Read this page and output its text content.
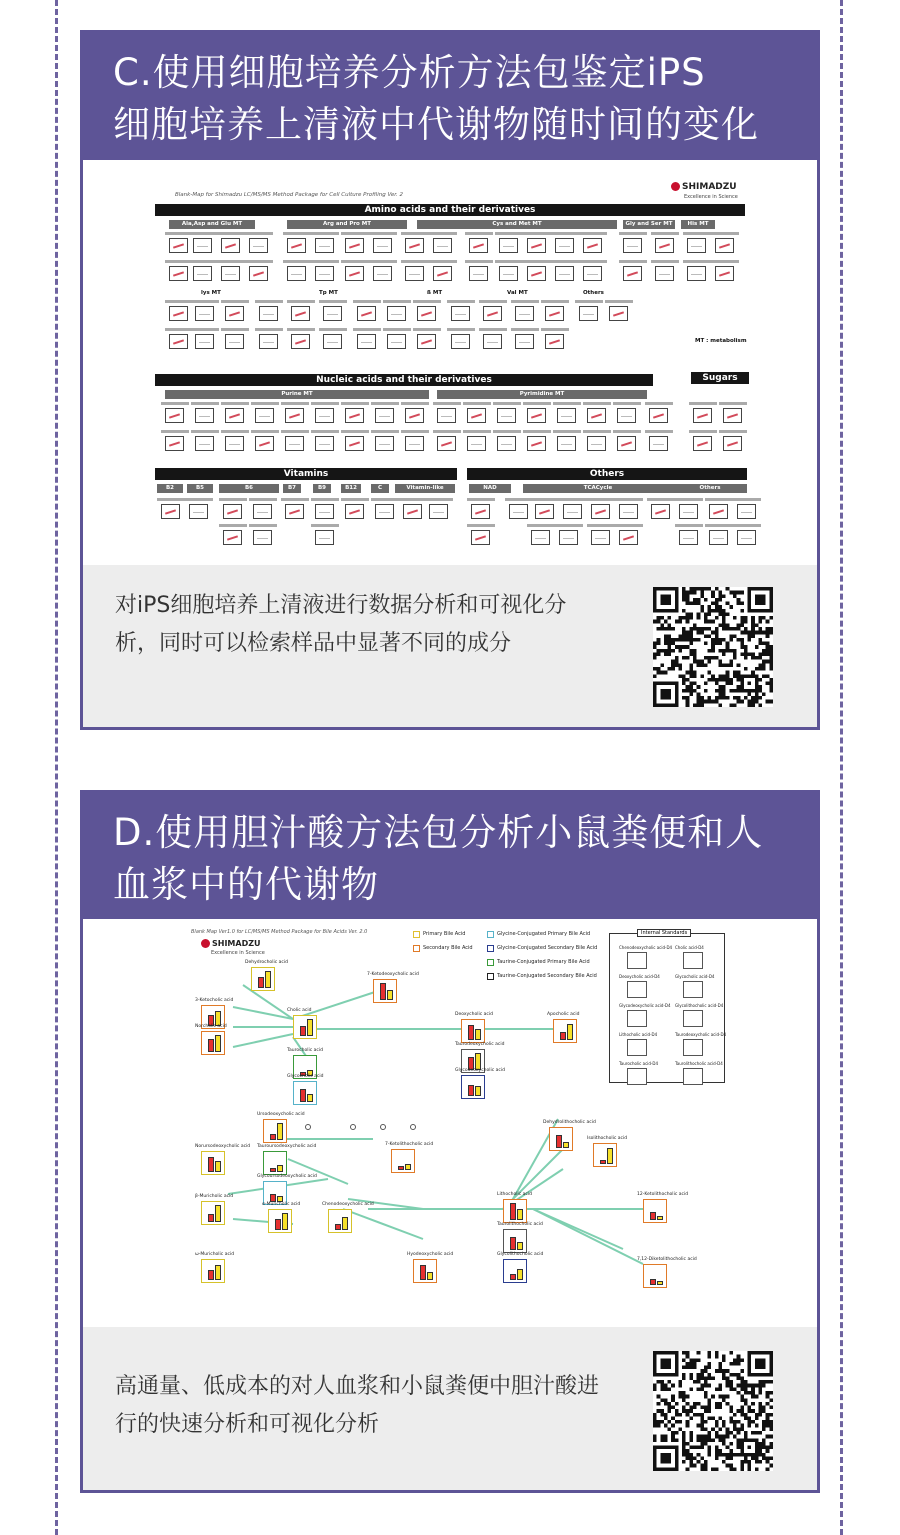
C.使用细胞培养分析方法包鉴定iPS
细胞培养上清液中代谢物随时间的变化
Blank-Map for Shimadzu LC/MS/MS Method Package for Cell Culture Profiling Ver. 2
SHIMADZU
Excellence in Science
Amino acids and their derivatives
Ala,Asp and Glu MT	Arg and Pro MT	Cys and Met MT	Gly and Ser MT	His MT
lys MT	Tp MT	ß MT	Val MT	Others
MT : metabolism
Nucleic acids and their derivatives	Sugars
Purine MT	Pyrimidine MT
Vitamins	Others
B2	B5	B6	B7	B9	B12	C	Vitamin-like	NAD	TCACycle	Others
对iPS细胞培养上清液进行数据分析和可视化分析，同时可以检索样品中显著不同的成分
D.使用胆汁酸方法包分析小鼠粪便和人
血浆中的代谢物
Blank Map Ver1.0 for LC/MS/MS Method Package for Bile Acids Ver. 2.0
SHIMADZU
Excellence in Science
Primary Bile Acid
Secondary Bile Acid
Glycine-Conjugated Primary Bile Acid
Glycine-Conjugated Secondary Bile Acid
Taurine-Conjugated Primary Bile Acid
Taurine-Conjugated Secondary Bile Acid
Internal Standards
Chenodeoxycholic acid-D4 Cholic acid-D4
Deoxycholic acid-D4	Glycocholic acid-D4
Glycodeoxycholic acid-D4 Glycolithocholic acid-D4
Lithocholic acid-D4	Taurodeoxycholic acid-D4
Taurocholic acid-D4	Taurolithocholic acid-D4
Dehydrocholic acid
7-Ketodeoxycholic acid
3-Ketocholic acid
Norcholic acid
Cholic acid
Deoxycholic acid	Apocholic acid
Taurocholic acid
Glycocholic acid
Taurodeoxycholic acid
Glycodeoxycholic acid
Ursodeoxycholic acid
Tauroursodeoxycholic acid
Glycoursodeoxycholic acid
Norursodeoxycholic acid
Chenodeoxycholic acid
7-Ketolithocholic acid
Lithocholic acid
Dehydrolithocholic acid
Isolithocholic acid
12-Ketolithocholic acid
7,12-Diketolithocholic acid
β-Muricholic acid
α-Muricholic acid
ω-Muricholic acid	Hyodeoxycholic acid
Taurolithocholic acid
Glycolithocholic acid
高通量、低成本的对人血浆和小鼠粪便中胆汁酸进行的快速分析和可视化分析
